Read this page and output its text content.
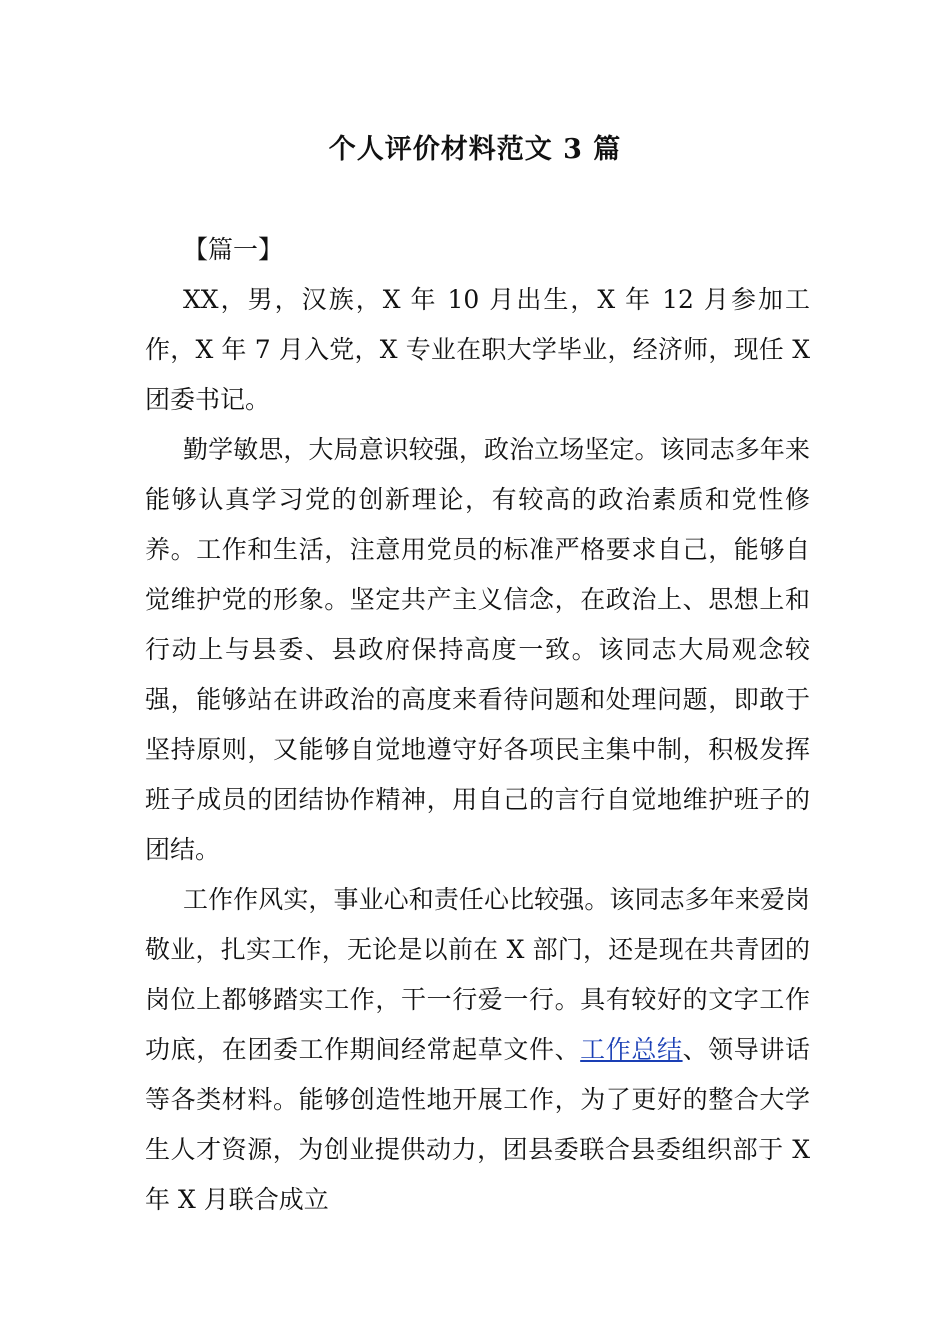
个人评价材料范文 3 篇

【篇一】

XX，男，汉族，X 年 10 月出生，X 年 12 月参加工作，X 年 7 月入党，X 专业在职大学毕业，经济师，现任 X 团委书记。

勤学敏思，大局意识较强，政治立场坚定。该同志多年来能够认真学习党的创新理论，有较高的政治素质和党性修养。工作和生活，注意用党员的标准严格要求自己，能够自觉维护党的形象。坚定共产主义信念，在政治上、思想上和行动上与县委、县政府保持高度一致。该同志大局观念较强，能够站在讲政治的高度来看待问题和处理问题，即敢于坚持原则，又能够自觉地遵守好各项民主集中制，积极发挥班子成员的团结协作精神，用自己的言行自觉地维护班子的团结。

工作作风实，事业心和责任心比较强。该同志多年来爱岗敬业，扎实工作，无论是以前在 X 部门，还是现在共青团的岗位上都够踏实工作，干一行爱一行。具有较好的文字工作功底，在团委工作期间经常起草文件、工作总结、领导讲话等各类材料。能够创造性地开展工作，为了更好的整合大学生人才资源，为创业提供动力，团县委联合县委组织部于 X 年 X 月联合成立
